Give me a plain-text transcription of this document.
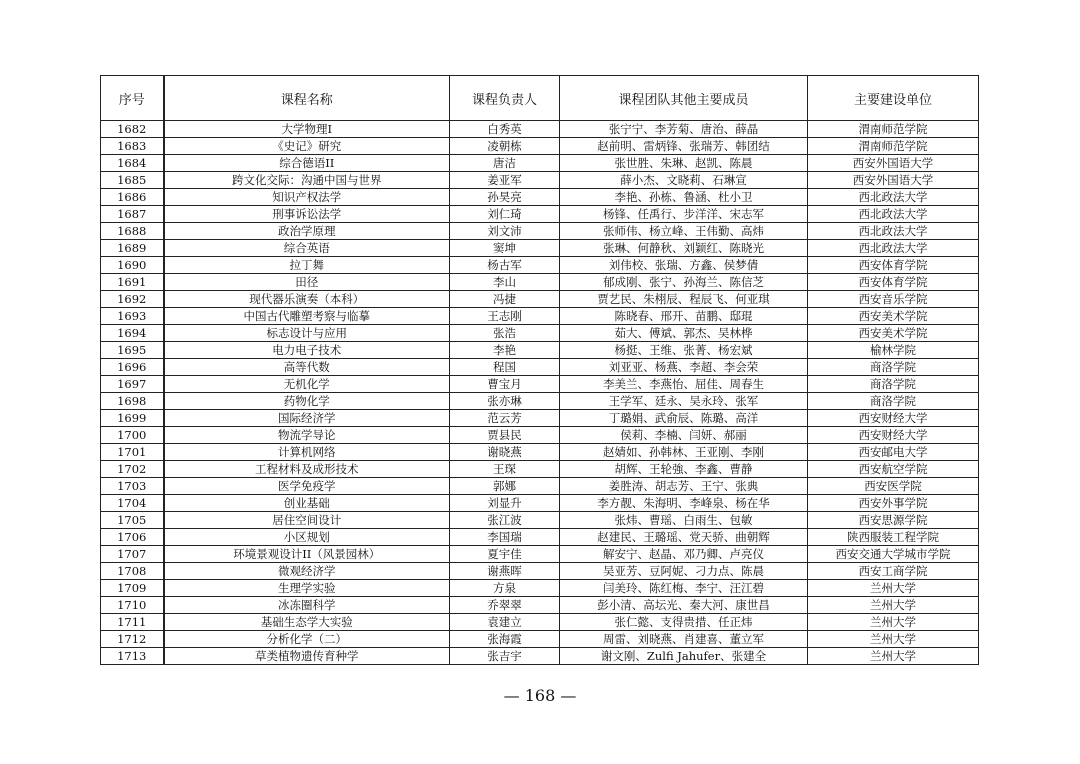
序号	课程名称	课程负责人	课程团队其他主要成员	主要建设单位
1682	大学物理I	白秀英	张宁宁、李芳菊、唐治、薛晶	渭南师范学院
1683	《史记》研究	凌朝栋	赵前明、雷炳锋、张瑞芳、韩团结	渭南师范学院
1684	综合德语II	唐洁	张世胜、朱琳、赵凯、陈晨	西安外国语大学
1685	跨文化交际：沟通中国与世界	姜亚军	薛小杰、文晓莉、石琳宣	西安外国语大学
1686	知识产权法学	孙昊亮	李艳、孙栋、鲁涵、杜小卫	西北政法大学
1687	刑事诉讼法学	刘仁琦	杨锋、任禹行、步洋洋、宋志军	西北政法大学
1688	政治学原理	刘文沛	张师伟、杨立峰、王伟勤、高炜	西北政法大学
1689	综合英语	窦坤	张琳、何静秋、刘颖红、陈晓光	西北政法大学
1690	拉丁舞	杨古军	刘伟校、张瑞、方鑫、侯梦倩	西安体育学院
1691	田径	李山	郁成刚、张宁、孙海兰、陈信芝	西安体育学院
1692	现代器乐演奏（本科）	冯捷	贾艺民、朱栩辰、程辰飞、何亚琪	西安音乐学院
1693	中国古代雕塑考察与临摹	王志刚	陈晓春、邢开、苗鹏、邸琨	西安美术学院
1694	标志设计与应用	张浩	茹大、傅斌、郭杰、吴林桦	西安美术学院
1695	电力电子技术	李艳	杨挺、王维、张菁、杨宏斌	榆林学院
1696	高等代数	程国	刘亚亚、杨燕、李超、李会荣	商洛学院
1697	无机化学	曹宝月	李美兰、李燕怡、屈佳、周春生	商洛学院
1698	药物化学	张亦琳	王学军、廷永、吴永玲、张军	商洛学院
1699	国际经济学	范云芳	丁璐娟、武俞辰、陈璐、高洋	西安财经大学
1700	物流学导论	贾县民	侯莉、李楠、闫妍、郝丽	西安财经大学
1701	计算机网络	谢晓燕	赵婧如、孙韩林、王亚刚、李刚	西安邮电大学
1702	工程材料及成形技术	王琛	胡辉、王轮強、李鑫、曹静	西安航空学院
1703	医学免疫学	郭娜	姜胜涛、胡志芳、王宁、张典	西安医学院
1704	创业基础	刘显升	李方靓、朱海明、李峰泉、杨在华	西安外事学院
1705	居住空间设计	张江波	张炜、曹瑶、白雨生、包敏	西安思源学院
1706	小区规划	李国瑞	赵建民、王璐瑶、党天骄、曲朝辉	陕西服装工程学院
1707	环境景观设计II（风景园林）	夏宇佳	解安宁、赵晶、邓乃卿、卢亮仪	西安交通大学城市学院
1708	微观经济学	谢燕晖	吴亚芳、豆阿妮、刁力点、陈晨	西安工商学院
1709	生理学实验	方泉	闫美玲、陈红梅、李宁、汪江碧	兰州大学
1710	冰冻圈科学	乔翠翠	彭小清、高坛光、秦大河、康世昌	兰州大学
1711	基础生态学大实验	袁建立	张仁懿、支得贵措、任正炜	兰州大学
1712	分析化学（二）	张海霞	周雷、刘晓燕、肖建喜、董立军	兰州大学
1713	草类植物遗传育种学	张吉宇	谢文刚、Zulfi Jahufer、张建全	兰州大学
— 168 —
